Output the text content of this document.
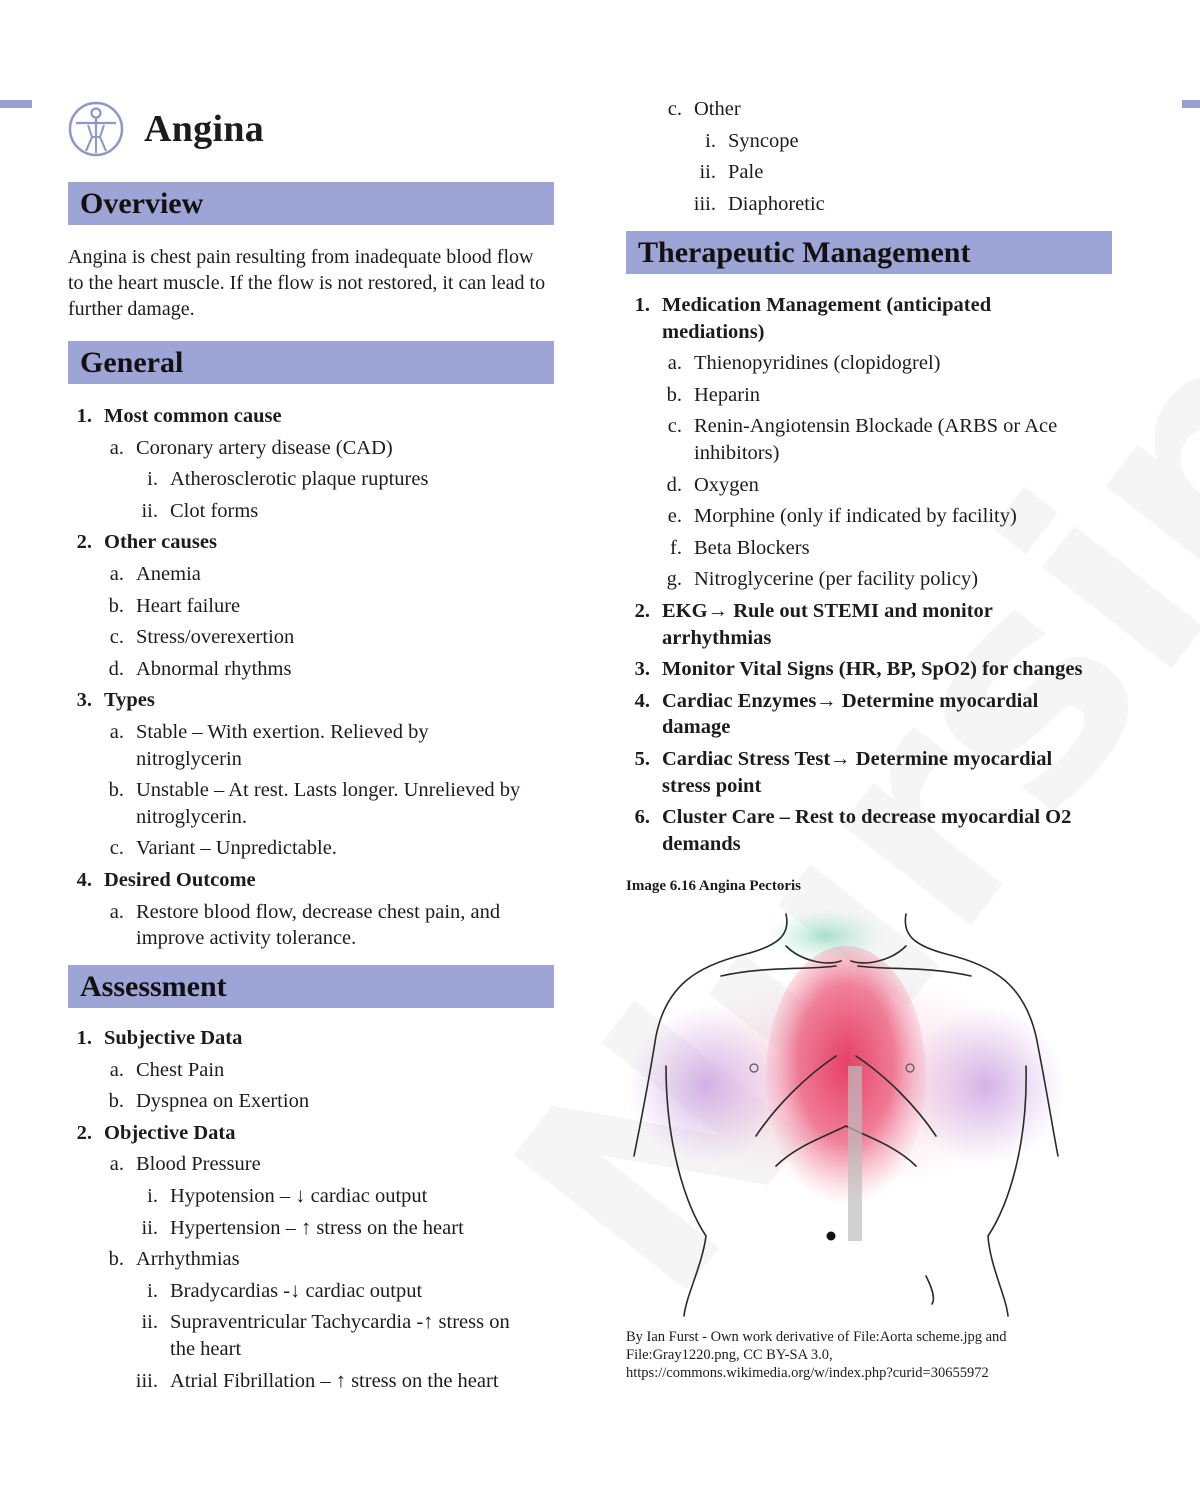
Angina
Overview

Angina is chest pain resulting from inadequate blood flow to the heart muscle. If the flow is not restored, it can lead to further damage.

General
1. Most common cause
a. Coronary artery disease (CAD)
i. Atherosclerotic plaque ruptures
ii. Clot forms
2. Other causes
a. Anemia
b. Heart failure
c. Stress/overexertion
d. Abnormal rhythms
3. Types
a. Stable – With exertion. Relieved by
nitroglycerin
b. Unstable – At rest. Lasts longer. Unrelieved by
nitroglycerin.
c. Variant – Unpredictable.
4. Desired Outcome
a. Restore blood flow, decrease chest pain, and
improve activity tolerance.
Assessment
1. Subjective Data
a. Chest Pain
b. Dyspnea on Exertion
2. Objective Data
a. Blood Pressure
i. Hypotension – ↓ cardiac output
ii. Hypertension – ↑ stress on the heart
b. Arrhythmias
i. Bradycardias -↓ cardiac output
ii. Supraventricular Tachycardia -↑ stress on
the heart
iii. Atrial Fibrillation – ↑ stress on the heart
c. Other
i. Syncope
ii. Pale
iii. Diaphoretic
Therapeutic Management
1. Medication Management (anticipated
mediations)
a. Thienopyridines (clopidogrel)
b. Heparin
c. Renin-Angiotensin Blockade (ARBS or Ace
inhibitors)
d. Oxygen
e. Morphine (only if indicated by facility)
f. Beta Blockers
g. Nitroglycerine (per facility policy)
2. EKG→ Rule out STEMI and monitor
arrhythmias
3. Monitor Vital Signs (HR, BP, SpO2) for changes
4. Cardiac Enzymes→ Determine myocardial
damage
5. Cardiac Stress Test→ Determine myocardial
stress point
6. Cluster Care – Rest to decrease myocardial O2
demands
Image 6.16 Angina Pectoris
By Ian Furst - Own work derivative of File:Aorta scheme.jpg and File:Gray1220.png, CC BY-SA 3.0, https://commons.wikimedia.org/w/index.php?curid=30655972
